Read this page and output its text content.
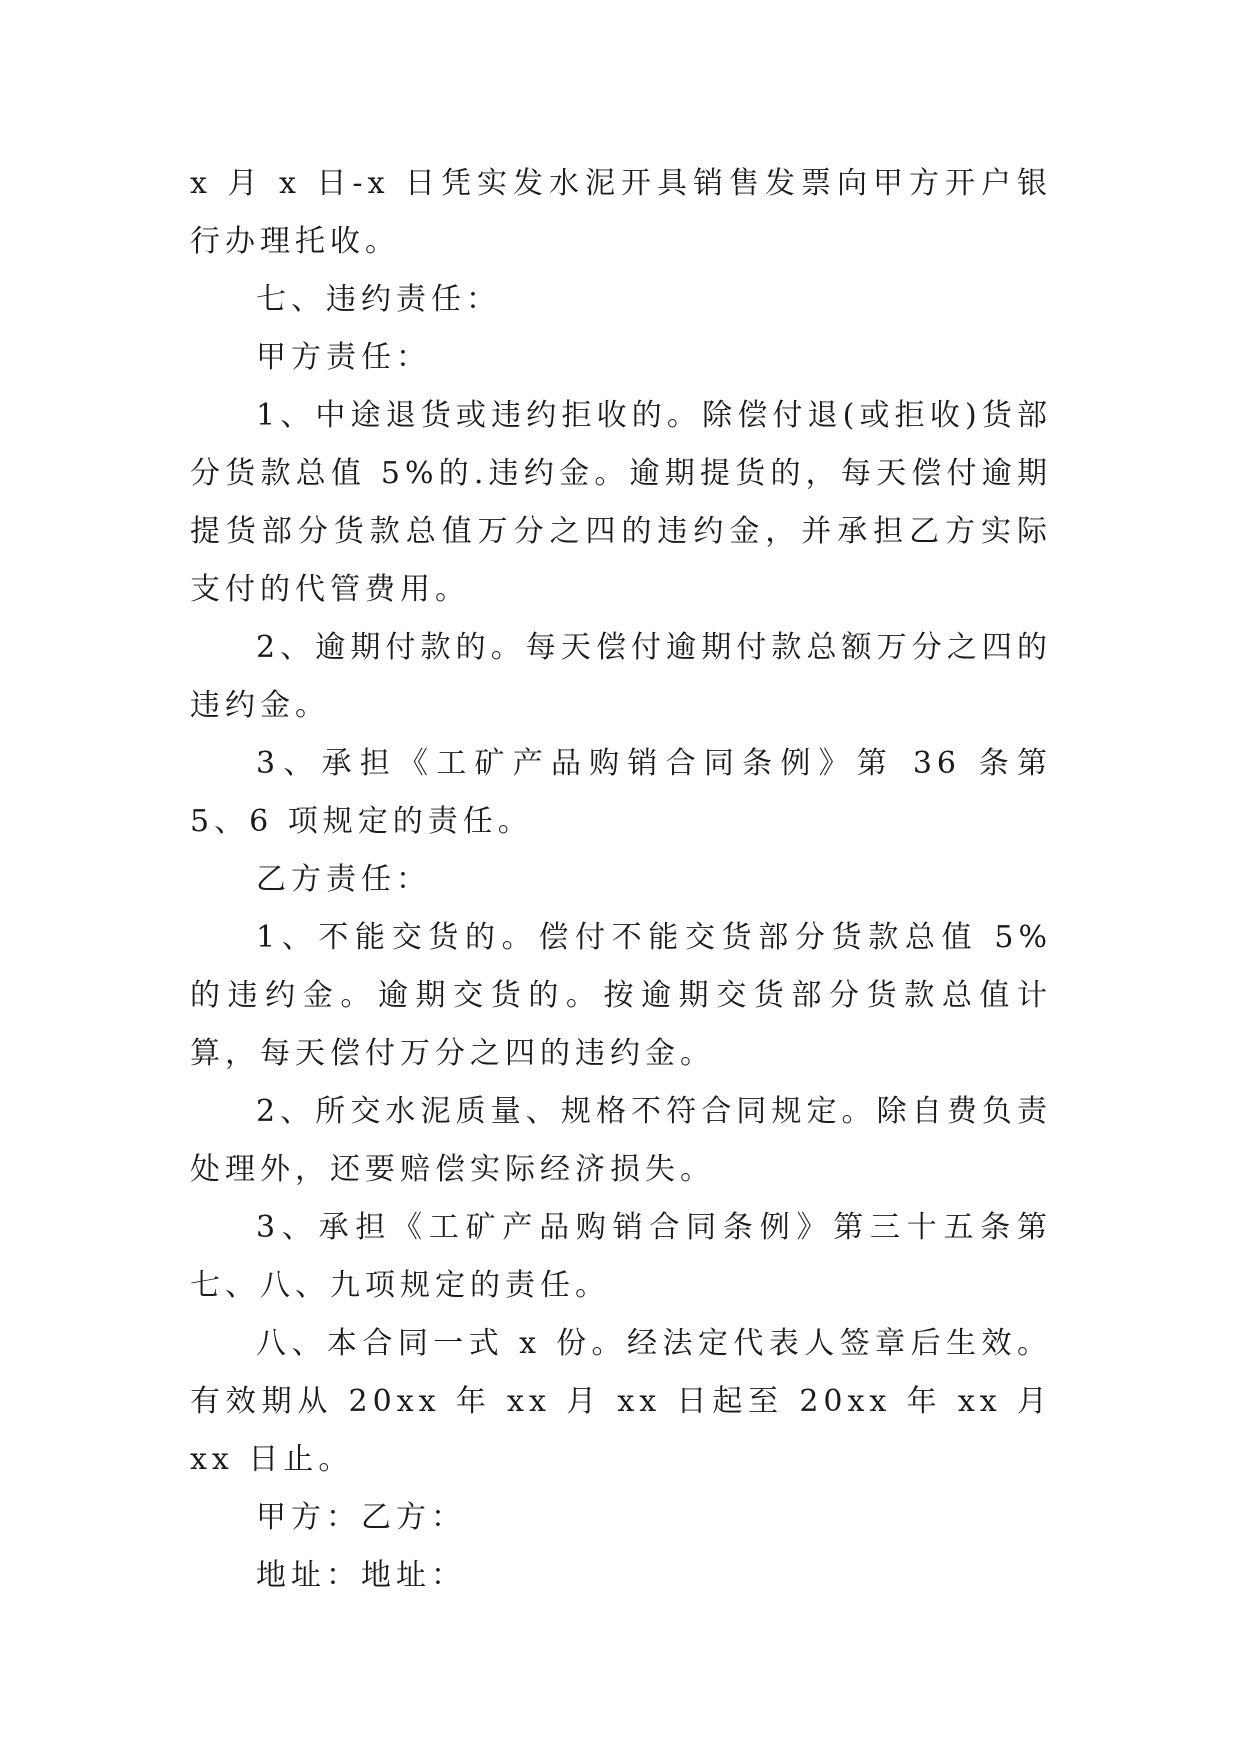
x 月 x 日-x 日凭实发水泥开具销售发票向甲方开户银行办理托收。

七、违约责任：

甲方责任：

1、中途退货或违约拒收的。除偿付退(或拒收)货部分货款总值 5%的.违约金。逾期提货的，每天偿付逾期提货部分货款总值万分之四的违约金，并承担乙方实际支付的代管费用。

2、逾期付款的。每天偿付逾期付款总额万分之四的违约金。

3、承担《工矿产品购销合同条例》第 36 条第 5、6 项规定的责任。

乙方责任：

1、不能交货的。偿付不能交货部分货款总值 5%的违约金。逾期交货的。按逾期交货部分货款总值计算，每天偿付万分之四的违约金。

2、所交水泥质量、规格不符合同规定。除自费负责处理外，还要赔偿实际经济损失。

3、承担《工矿产品购销合同条例》第三十五条第七、八、九项规定的责任。

八、本合同一式 x 份。经法定代表人签章后生效。有效期从 20xx 年 xx 月 xx 日起至 20xx 年 xx 月 xx 日止。

甲方：乙方：

地址：地址：
